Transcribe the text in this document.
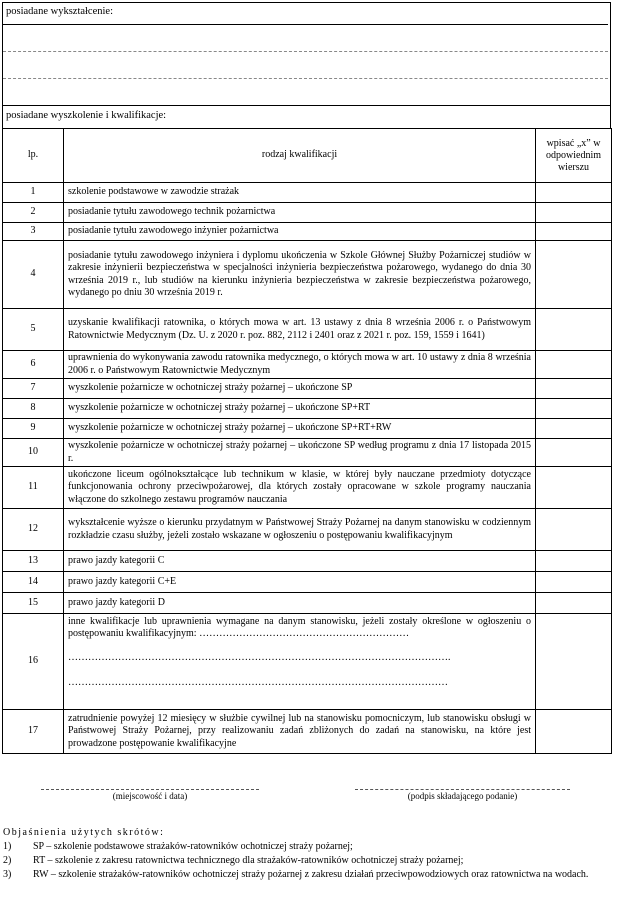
posiadane wykształcenie:
posiadane wyszkolenie i kwalifikacje:
lp.	rodzaj kwalifikacji	wpisać „x” w odpowiednim wierszu
1	szkolenie podstawowe w zawodzie strażak	
2	posiadanie tytułu zawodowego technik pożarnictwa	
3	posiadanie tytułu zawodowego inżynier pożarnictwa	
4	posiadanie tytułu zawodowego inżyniera i dyplomu ukończenia w Szkole Głównej Służby Pożarniczej studiów w zakresie inżynierii bezpieczeństwa w specjalności inżynieria bezpieczeństwa pożarowego, wydanego do dnia 30 września 2019 r., lub studiów na kierunku inżynieria bezpieczeństwa w zakresie bezpieczeństwa pożarowego, wydanego po dniu 30 września 2019 r.	
5	uzyskanie kwalifikacji ratownika, o których mowa w art. 13 ustawy z dnia 8 września 2006 r. o Państwowym Ratownictwie Medycznym (Dz. U. z 2020 r. poz. 882, 2112 i 2401 oraz z 2021 r. poz. 159, 1559 i 1641)	
6	uprawnienia do wykonywania zawodu ratownika medycznego, o których mowa w art. 10 ustawy z dnia 8 września 2006 r. o Państwowym Ratownictwie Medycznym	
7	wyszkolenie pożarnicze w ochotniczej straży pożarnej – ukończone SP	
8	wyszkolenie pożarnicze w ochotniczej straży pożarnej – ukończone SP+RT	
9	wyszkolenie pożarnicze w ochotniczej straży pożarnej – ukończone SP+RT+RW	
10	wyszkolenie pożarnicze w ochotniczej straży pożarnej – ukończone SP według programu z dnia 17 listopada 2015 r.	
11	ukończone liceum ogólnokształcące lub technikum w klasie, w której były nauczane przedmioty dotyczące funkcjonowania ochrony przeciwpożarowej, dla których zostały opracowane w szkole programy nauczania włączone do szkolnego zestawu programów nauczania	
12	wykształcenie wyższe o kierunku przydatnym w Państwowej Straży Pożarnej na danym stanowisku w codziennym rozkładzie czasu służby, jeżeli zostało wskazane w ogłoszeniu o postępowaniu kwalifikacyjnym	
13	prawo jazdy kategorii C	
14	prawo jazdy kategorii C+E	
15	prawo jazdy kategorii D	
16	inne kwalifikacje lub uprawnienia wymagane na danym stanowisku, jeżeli zostały określone w ogłoszeniu o postępowaniu kwalifikacyjnym: ………………………………………………………
…………………………………………………………………………………………………….
……………………………………………………………………………………………………	

17	zatrudnienie powyżej 12 miesięcy w służbie cywilnej lub na stanowisku pomocniczym, lub stanowisku obsługi w Państwowej Straży Pożarnej, przy realizowaniu zadań zbliżonych do zadań na stanowisku, na które jest prowadzone postępowanie kwalifikacyjne	
(miejscowość i data)	(podpis składającego podanie)
Objaśnienia użytych skrótów:
1) SP – szkolenie podstawowe strażaków-ratowników ochotniczej straży pożarnej;
2) RT – szkolenie z zakresu ratownictwa technicznego dla strażaków-ratowników ochotniczej straży pożarnej;
3) RW – szkolenie strażaków-ratowników ochotniczej straży pożarnej z zakresu działań przeciwpowodziowych oraz ratownictwa na wodach.
